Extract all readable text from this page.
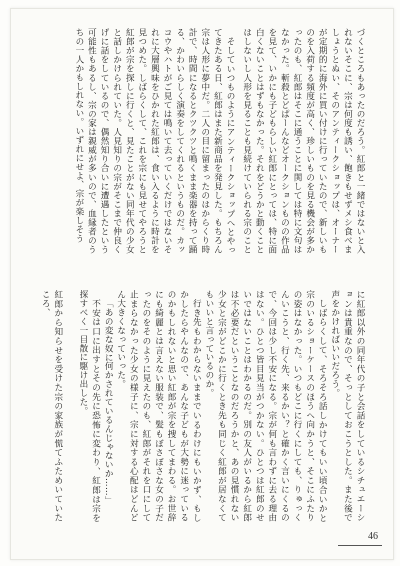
づくところもあったのだろう。紅郎と一緒ではないと入れないそこに、宗は何度も誘い、飽きもせずメシ食べましょうとぬい、そのアンティークショップは、オーナーが定期的に海外に買い付けに行っていたので、新しいものを入荷する頻度が高く、珍しいものを見る機会が多かったのも、紅郎はそこに通うことに関しては特に文句はなかった。斬殺とどぱーんなどオークションものの作品を見て、いかにも子どもらしい紅郎にとっては、特に面白くないことはずもなかった。それをどうかと動くことはしないし人形を見ることも見続けていられる宗のこと

そしていつものようにアンティークショップへとやってきたある日、紅郎はまた新商品を発見した。もちろん宗は人形に夢中だ。二人の目に留まったのはからくり時計で、時間になるとクツクツと鳴くまま楽器を持って踊る、かわいらしく演奏をしてくれるというものだ。カッコウやハトがご見ては鳴いて去っていくだけではないそれに大層興味をひかれた紅郎は、食い入るように時計を見つめた。しばらくして、これを宗にも見せてやろうと紅郎が宗を探しに行くと、見たことがない同年代の少女と話しかけられていた。人見知りの宗がそこまで仲良くげに話をしているので、偶然知り合いに遭遇したという可能性もあるし、宗の家は親威が多いので、血縁者のうちの一人かもしれない。いずれにせよ、宗が楽しそう

に紅郎以外の同年代の子と会話をしているシチュエーションは貴重なので、そっとしておこうとした。また後で声をかければいいだろう。

しばらくして、そろそろ話しかけてもいい頃合いかと宗のいるショーケースのほうへ向かうと、そこにふたりの姿はなかった。いつもどこに行くにしても、りゅっくんいこうと、行く先、来るかい？と確かく言いにくるので、今回は少し不安になる。宗が何も言わずに去る理由はない。ひとつ皆目見当がつかない。ひとつは紅郎のせいではないことはわかるのだ。別の友人がいるから紅郎は不必要だということなのだろうかと、あの見慣れない少女と宗がどこかに行くとき先も同じく紅郎が居なくてもいいと言っているのか。

行き先もわからないままでいるわけにもいかず、もしかしたらやんなので、あんな子どもが大勢に迷っているのかもしれないと思い紅郎が宗を捜してまわる。お世辞にも綺麗とは言えない服装で、髪もぼさぼさな女の子だったのをそのように見えたのも、紅郎がそれを口にして止まらなかった少女の様子に、宗に対する心配はどんどん大きくなっていった。

「あの変な奴に何かされているんじゃないか……」

不安は口に出すとその先に恐怖に変わり、紅郎は宗を探すべく一目散に駆け出した。

紅郎から知らせを受けた宗の家族が慌てふためいていたころ、

46
